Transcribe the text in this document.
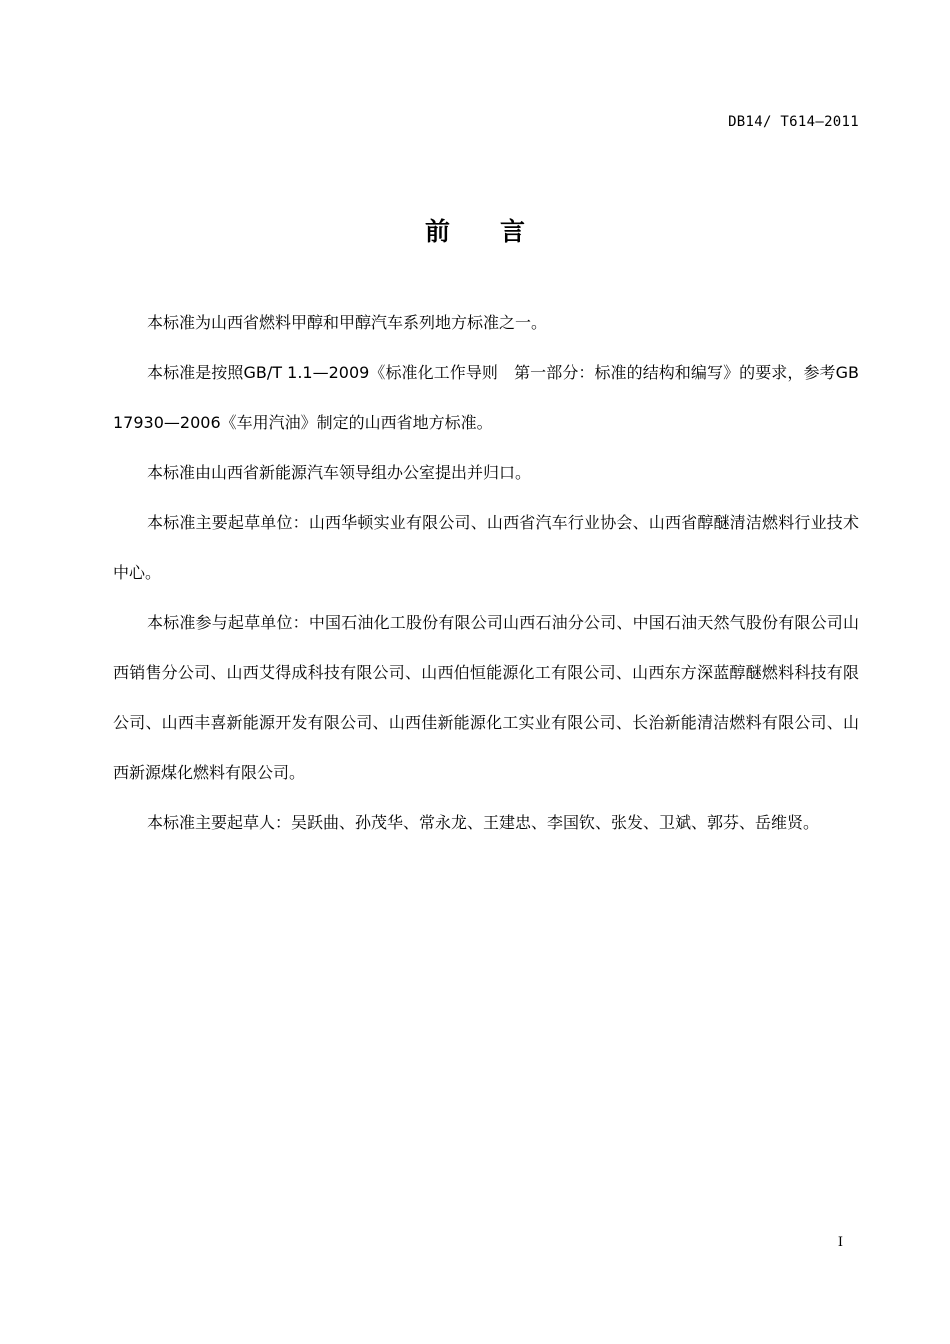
DB14/ T614—2011
前 言

本标准为山西省燃料甲醇和甲醇汽车系列地方标准之一。

本标准是按照GB/T 1.1—2009《标准化工作导则　第一部分：标准的结构和编写》的要求，参考GB 17930—2006《车用汽油》制定的山西省地方标准。

本标准由山西省新能源汽车领导组办公室提出并归口。

本标准主要起草单位：山西华顿实业有限公司、山西省汽车行业协会、山西省醇醚清洁燃料行业技术中心。

本标准参与起草单位：中国石油化工股份有限公司山西石油分公司、中国石油天然气股份有限公司山西销售分公司、山西艾得成科技有限公司、山西伯恒能源化工有限公司、山西东方深蓝醇醚燃料科技有限公司、山西丰喜新能源开发有限公司、山西佳新能源化工实业有限公司、长治新能清洁燃料有限公司、山西新源煤化燃料有限公司。

本标准主要起草人：吴跃曲、孙茂华、常永龙、王建忠、李国钦、张发、卫斌、郭芬、岳维贤。

I
